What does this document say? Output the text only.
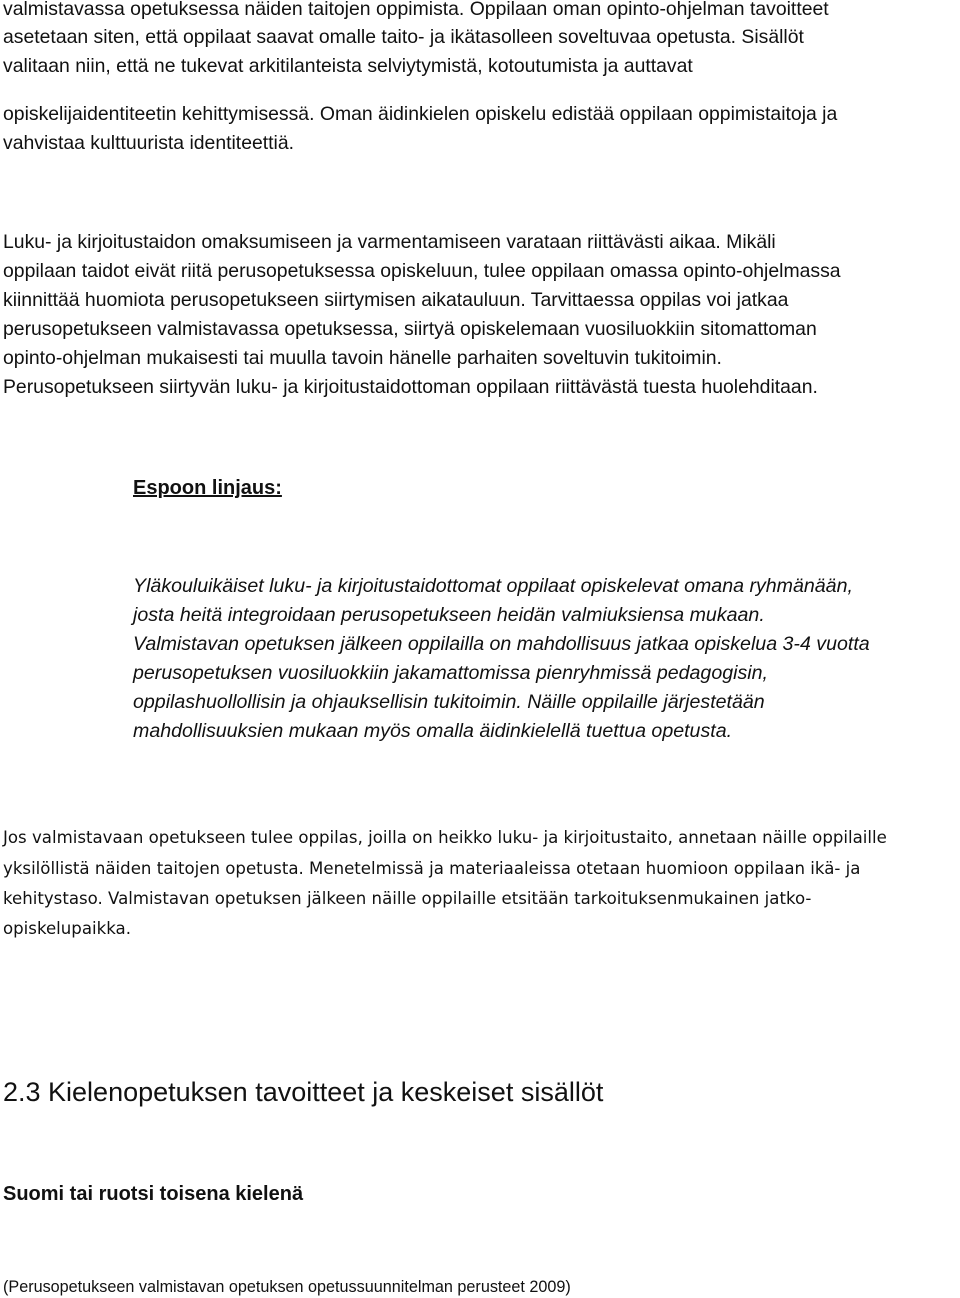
valmistavassa opetuksessa näiden taitojen oppimista. Oppilaan oman opinto-ohjelman tavoitteet
asetetaan siten, että oppilaat saavat omalle taito- ja ikätasolleen soveltuvaa opetusta. Sisällöt
valitaan niin, että ne tukevat arkitilanteista selviytymistä, kotoutumista ja auttavat
opiskelijaidentiteetin kehittymisessä. Oman äidinkielen opiskelu edistää oppilaan oppimistaitoja ja
vahvistaa kulttuurista identiteettiä.
Luku- ja kirjoitustaidon omaksumiseen ja varmentamiseen varataan riittävästi aikaa. Mikäli
oppilaan taidot eivät riitä perusopetuksessa opiskeluun, tulee oppilaan omassa opinto-ohjelmassa
kiinnittää huomiota perusopetukseen siirtymisen aikatauluun. Tarvittaessa oppilas voi jatkaa
perusopetukseen valmistavassa opetuksessa, siirtyä opiskelemaan vuosiluokkiin sitomattoman
opinto-ohjelman mukaisesti tai muulla tavoin hänelle parhaiten soveltuvin tukitoimin.
Perusopetukseen siirtyvän luku- ja kirjoitustaidottoman oppilaan riittävästä tuesta huolehditaan.
Espoon linjaus:
Yläkouluikäiset luku- ja kirjoitustaidottomat oppilaat opiskelevat omana ryhmänään,
josta heitä integroidaan perusopetukseen heidän valmiuksiensa mukaan.
Valmistavan opetuksen jälkeen oppilailla on mahdollisuus jatkaa opiskelua 3-4 vuotta
perusopetuksen vuosiluokkiin jakamattomissa pienryhmissä pedagogisin,
oppilashuollollisin ja ohjauksellisin tukitoimin. Näille oppilaille järjestetään
mahdollisuuksien mukaan myös omalla äidinkielellä tuettua opetusta.
Jos valmistavaan opetukseen tulee oppilas, joilla on heikko luku- ja kirjoitustaito, annetaan näille oppilaille
yksilöllistä näiden taitojen opetusta. Menetelmissä ja materiaaleissa otetaan huomioon oppilaan ikä- ja
kehitystaso. Valmistavan opetuksen jälkeen näille oppilaille etsitään tarkoituksenmukainen jatko-
opiskelupaikka.
2.3 Kielenopetuksen tavoitteet ja keskeiset sisällöt
Suomi tai ruotsi toisena kielenä
(Perusopetukseen valmistavan opetuksen opetussuunnitelman perusteet 2009)
